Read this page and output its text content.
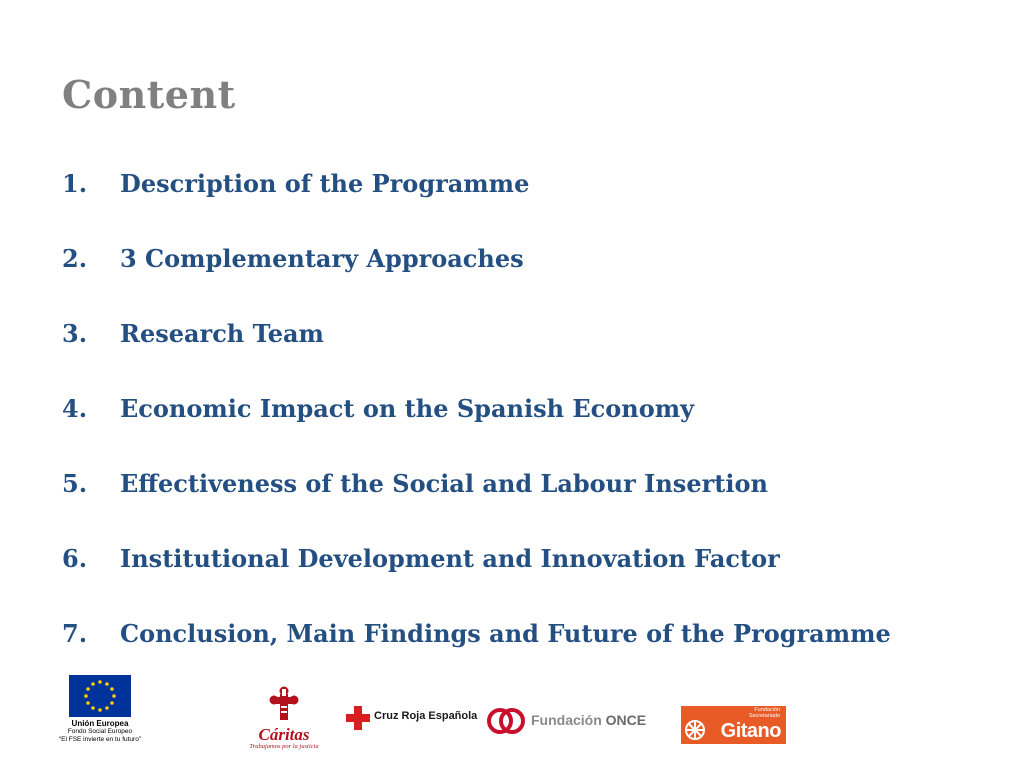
Content
1.	Description of the Programme
2.	3 Complementary Approaches
3.	Research Team
4.	Economic Impact on the Spanish Economy
5.	Effectiveness of the Social and Labour Insertion
6.	Institutional Development and Innovation Factor
7.	Conclusion, Main Findings and Future of the Programme
Unión Europea
Fondo Social Europeo
“El FSE invierte en tu futuro”	Cáritas
Trabajamos por la justicia
Cruz Roja Española	Fundación ONCE
Fundación
Secretariado
Gitano
